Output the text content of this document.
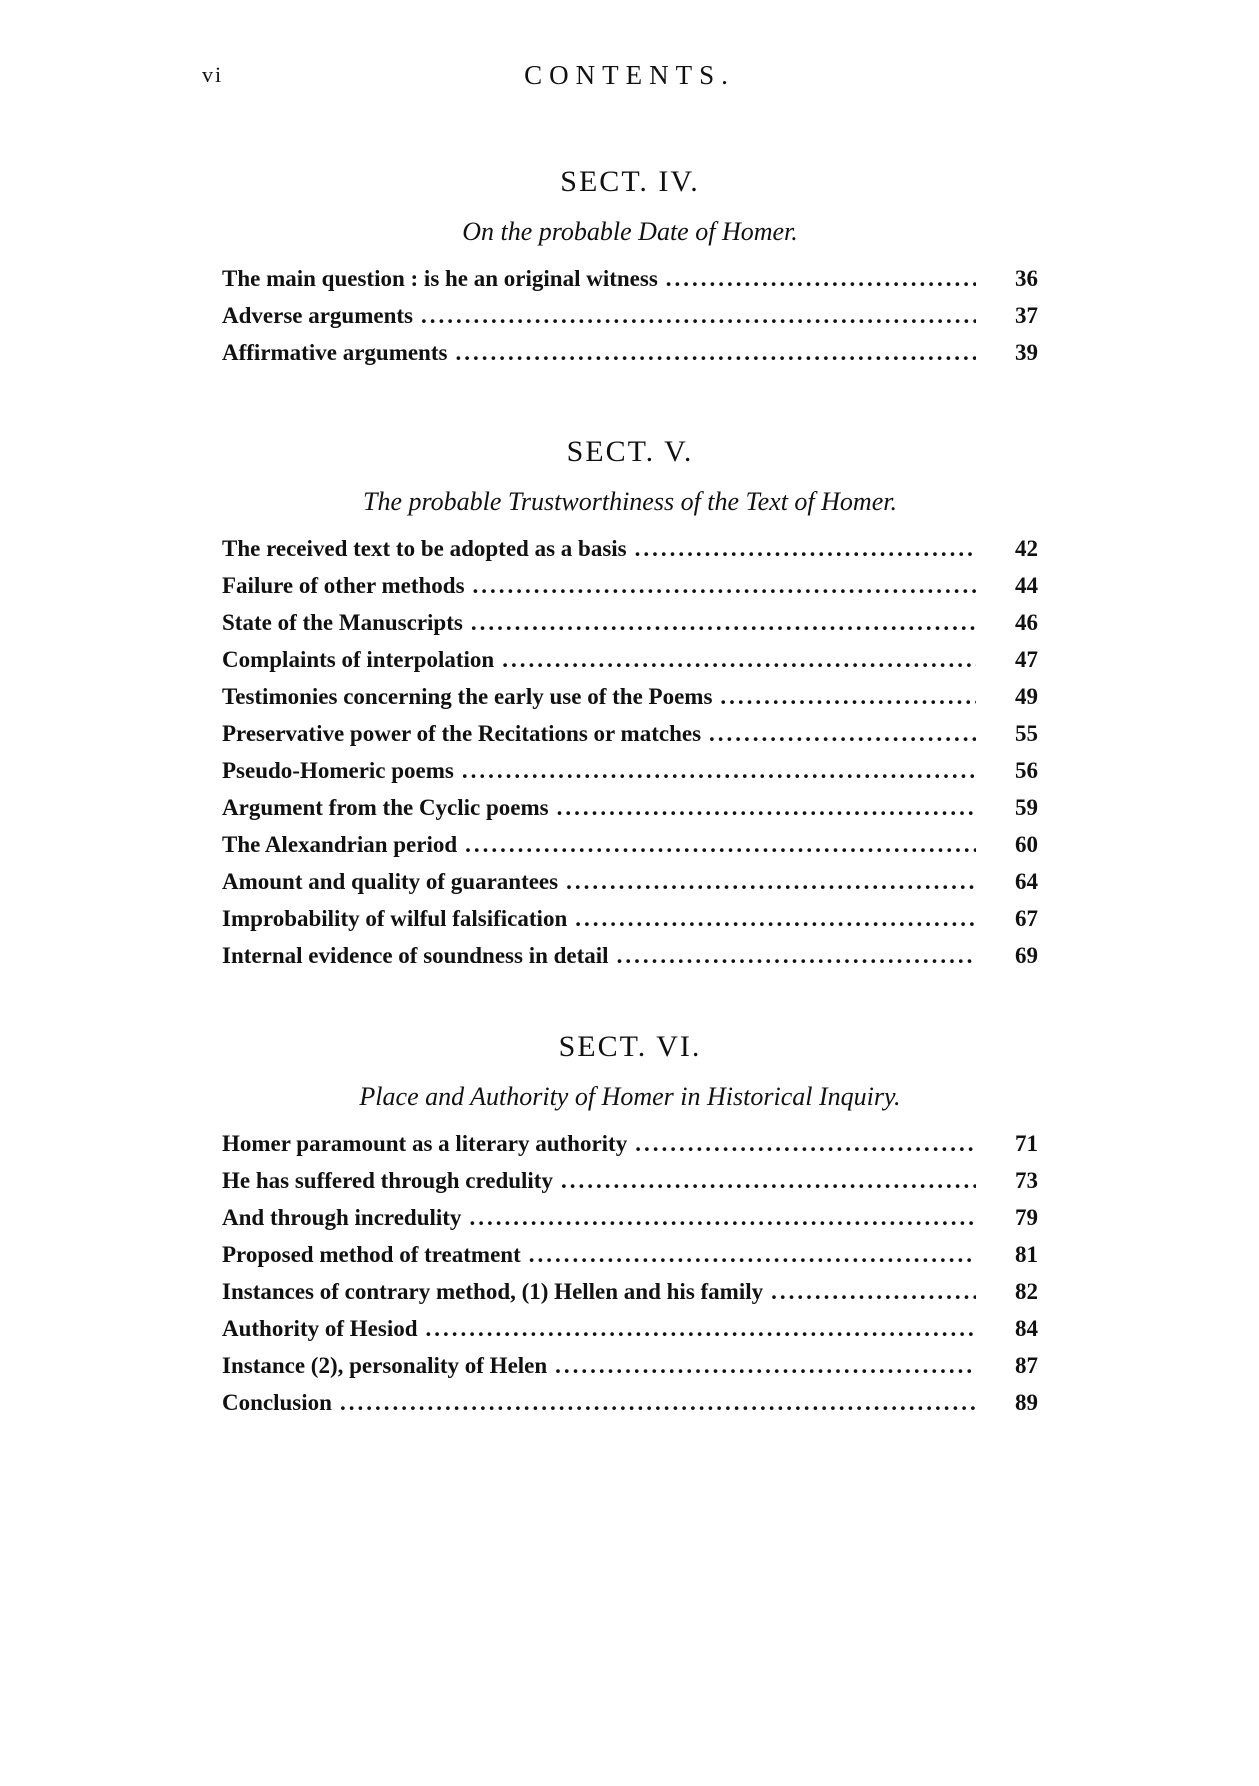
vi	CONTENTS.
SECT. IV.
On the probable Date of Homer.
The main question : is he an original witness .....	36
Adverse arguments .....	37
Affirmative arguments .....	39
SECT. V.
The probable Trustworthiness of the Text of Homer.
The received text to be adopted as a basis .....	42
Failure of other methods .....	44
State of the Manuscripts .....	46
Complaints of interpolation .....	47
Testimonies concerning the early use of the Poems .....	49
Preservative power of the Recitations or matches .....	55
Pseudo-Homeric poems .....	56
Argument from the Cyclic poems .....	59
The Alexandrian period .....	60
Amount and quality of guarantees .....	64
Improbability of wilful falsification .....	67
Internal evidence of soundness in detail .....	69
SECT. VI.
Place and Authority of Homer in Historical Inquiry.
Homer paramount as a literary authority .....	71
He has suffered through credulity .....	73
And through incredulity .....	79
Proposed method of treatment .....	81
Instances of contrary method, (1) Hellen and his family .....	82
Authority of Hesiod .....	84
Instance (2), personality of Helen .....	87
Conclusion .....	89
